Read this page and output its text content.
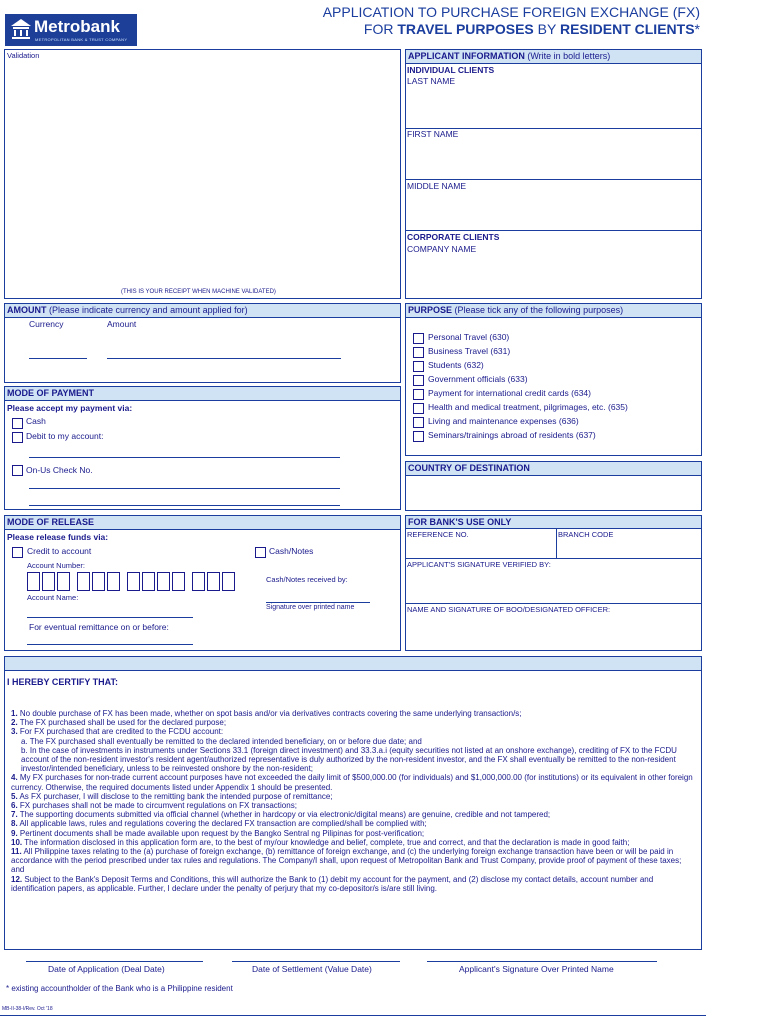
Metrobank
METROPOLITAN BANK & TRUST COMPANY
APPLICATION TO PURCHASE FOREIGN EXCHANGE (FX)
FOR TRAVEL PURPOSES BY RESIDENT CLIENTS*
Validation
(THIS IS YOUR RECEIPT WHEN MACHINE VALIDATED)
APPLICANT INFORMATION (Write in bold letters)
INDIVIDUAL CLIENTS
LAST NAME
FIRST NAME
MIDDLE NAME
CORPORATE CLIENTS
COMPANY NAME
AMOUNT (Please indicate currency and amount applied for)
Currency	Amount
PURPOSE (Please tick any of the following purposes)
Personal Travel (630)
Business Travel (631)
Students (632)
Government officials (633)
Payment for international credit cards (634)
Health and medical treatment, pilgrimages, etc. (635)
Living and maintenance expenses (636)
Seminars/trainings abroad of residents (637)
MODE OF PAYMENT
Please accept my payment via:
Cash
Debit to my account:
On-Us Check No.	COUNTRY OF DESTINATION
MODE OF RELEASE
Please release funds via:
Credit to account
Account Number:
Account Name:
For eventual remittance on or before:
Cash/Notes
Cash/Notes received by:
Signature over printed name
FOR BANK'S USE ONLY
REFERENCE NO.	BRANCH CODE
APPLICANT'S SIGNATURE VERIFIED BY:
NAME AND SIGNATURE OF BOO/DESIGNATED OFFICER:
I HEREBY CERTIFY THAT:

1. No double purchase of FX has been made, whether on spot basis and/or via derivatives contracts covering the same underlying transaction/s;

2. The FX purchased shall be used for the declared purpose;

3. For FX purchased that are credited to the FCDU account:

a. The FX purchased shall eventually be remitted to the declared intended beneficiary, on or before due date; and

b. In the case of investments in instruments under Sections 33.1 (foreign direct investment) and 33.3.a.i (equity securities not listed at an onshore exchange), crediting of FX to the FCDU account of the non-resident investor's resident agent/authorized representative is duly authorized by the non-resident investor, and the FX shall eventually be remitted to the non-resident investor/intended beneficiary, unless to be reinvested onshore by the non-resident;

4. My FX purchases for non-trade current account purposes have not exceeded the daily limit of $500,000.00 (for individuals) and $1,000,000.00 (for institutions) or its equivalent in other foreign currency. Otherwise, the required documents listed under Appendix 1 should be presented.

5. As FX purchaser, I will disclose to the remitting bank the intended purpose of remittance;

6. FX purchases shall not be made to circumvent regulations on FX transactions;

7. The supporting documents submitted via official channel (whether in hardcopy or via electronic/digital means) are genuine, credible and not tampered;

8. All applicable laws, rules and regulations covering the declared FX transaction are complied/shall be complied with;

9. Pertinent documents shall be made available upon request by the Bangko Sentral ng Pilipinas for post-verification;

10. The information disclosed in this application form are, to the best of my/our knowledge and belief, complete, true and correct, and that the declaration is made in good faith;

11. All Philippine taxes relating to the (a) purchase of foreign exchange, (b) remittance of foreign exchange, and (c) the underlying foreign exchange transaction have been or will be paid in accordance with the period prescribed under tax rules and regulations. The Company/I shall, upon request of Metropolitan Bank and Trust Company, provide proof of payment of these taxes; and

12. Subject to the Bank's Deposit Terms and Conditions, this will authorize the Bank to (1) debit my account for the payment, and (2) disclose my contact details, account number and identification papers, as applicable. Further, I declare under the penalty of perjury that my co-depositor/s is/are still living.

Date of Application (Deal Date)	Date of Settlement (Value Date)	Applicant's Signature Over Printed Name
* existing accountholder of the Bank who is a Philippine resident
MB-II-38-I/Rev. Oct '18
